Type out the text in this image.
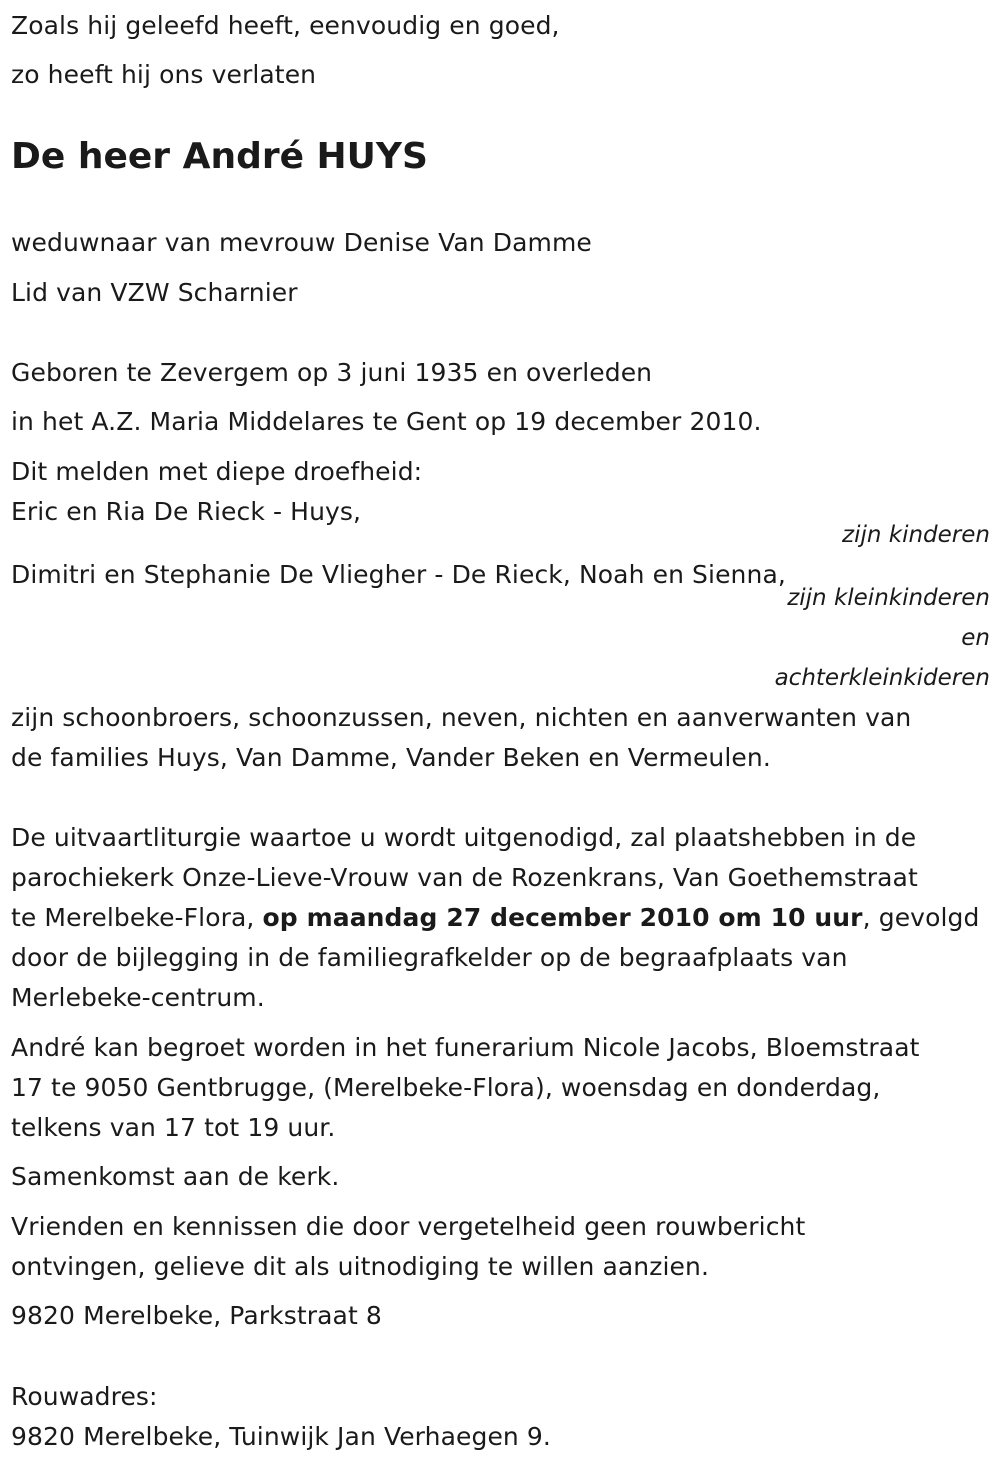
Zoals hij geleefd heeft, eenvoudig en goed,
zo heeft hij ons verlaten
De heer André HUYS
weduwnaar van mevrouw Denise Van Damme
Lid van VZW Scharnier
Geboren te Zevergem op 3 juni 1935 en overleden
in het A.Z. Maria Middelares te Gent op 19 december 2010.
Dit melden met diepe droefheid:
Eric en Ria De Rieck - Huys,
zijn kinderen
Dimitri en Stephanie De Vliegher - De Rieck, Noah en Sienna,
zijn kleinkinderen
en
achterkleinkideren
zijn schoonbroers, schoonzussen, neven, nichten en aanverwanten van
de families Huys, Van Damme, Vander Beken en Vermeulen.
De uitvaartliturgie waartoe u wordt uitgenodigd, zal plaatshebben in de
parochiekerk Onze-Lieve-Vrouw van de Rozenkrans, Van Goethemstraat
te Merelbeke-Flora, op maandag 27 december 2010 om 10 uur, gevolgd
door de bijlegging in de familiegrafkelder op de begraafplaats van
Merlebeke-centrum.
André kan begroet worden in het funerarium Nicole Jacobs, Bloemstraat
17 te 9050 Gentbrugge, (Merelbeke-Flora), woensdag en donderdag,
telkens van 17 tot 19 uur.
Samenkomst aan de kerk.
Vrienden en kennissen die door vergetelheid geen rouwbericht
ontvingen, gelieve dit als uitnodiging te willen aanzien.
9820 Merelbeke, Parkstraat 8
Rouwadres:
9820 Merelbeke, Tuinwijk Jan Verhaegen 9.
